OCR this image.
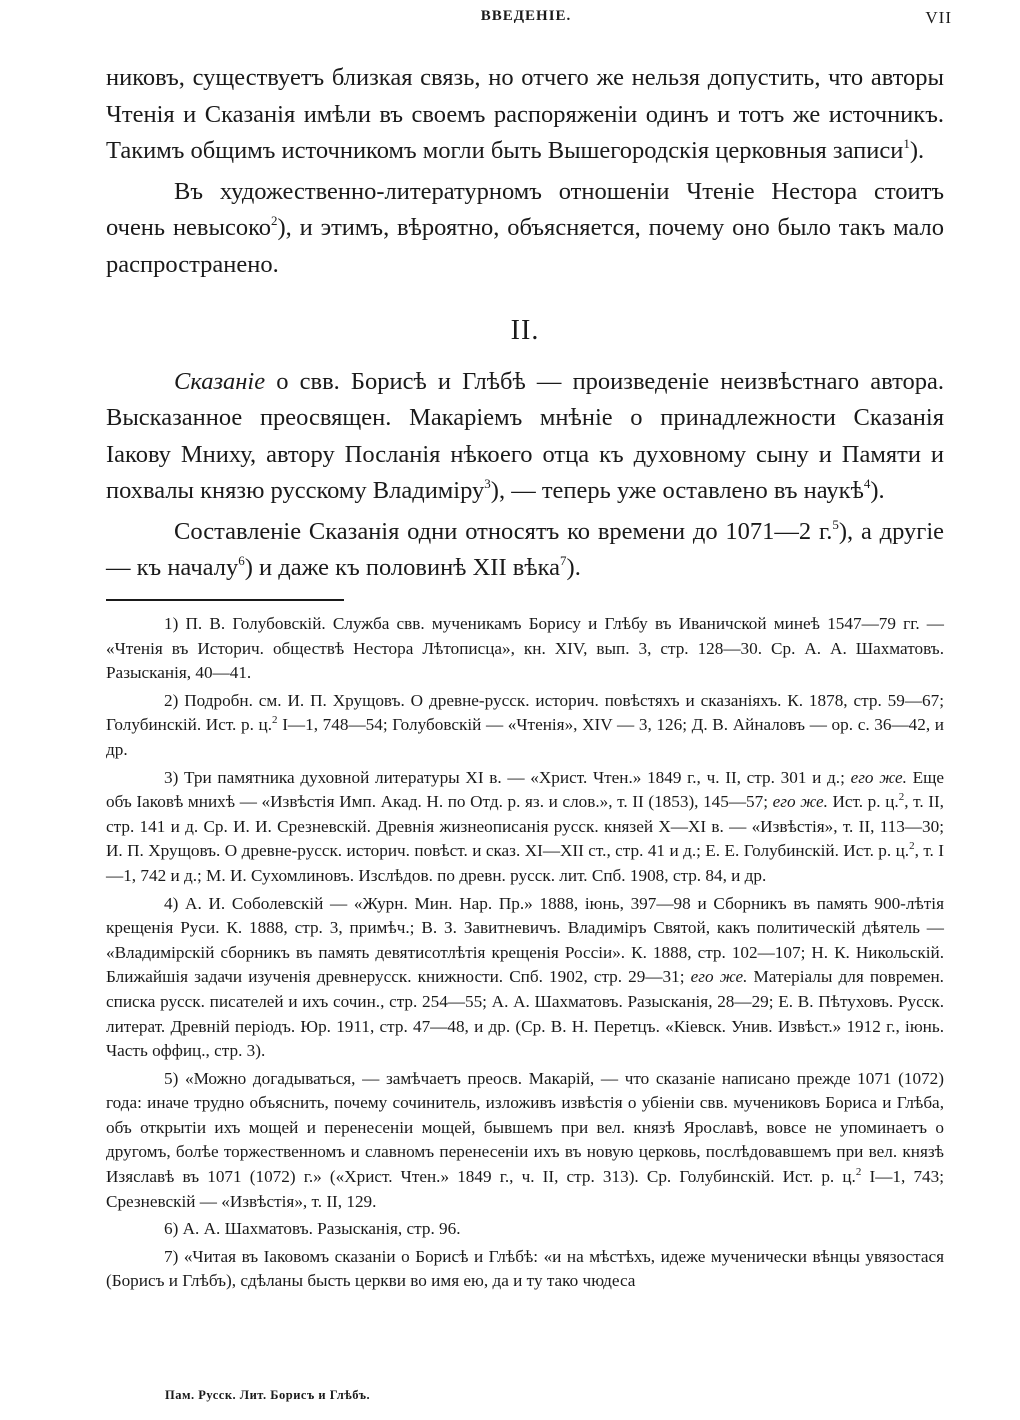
ВВЕДЕНІЕ.	VII

никовъ, существуетъ близкая связь, но отчего же нельзя допустить, что авторы Чтенія и Сказанія имѣли въ своемъ распоряженіи одинъ и тотъ же источникъ. Такимъ общимъ источникомъ могли быть Вышегородскія церковныя записи$^1$).

Въ художественно-литературномъ отношеніи Чтеніе Нестора стоитъ очень невысоко$^2$), и этимъ, вѣроятно, объясняется, почему оно было такъ мало распространено.

II.

Сказаніе о свв. Борисѣ и Глѣбѣ — произведеніе неизвѣстнаго автора. Высказанное преосвящен. Макаріемъ мнѣніе о принадлежности Сказанія Іакову Мниху, автору Посланія нѣкоего отца къ духовному сыну и Памяти и похвалы князю русскому Владиміру$^3$), — теперь уже оставлено въ наукѣ$^4$).

Составленіе Сказанія одни относятъ ко времени до 1071—2 г.$^5$), а другіе — къ началу$^6$) и даже къ половинѣ XII вѣка$^7$).

1) П. В. Голубовскій. Служба свв. мученикамъ Борису и Глѣбу въ Иваничской минеѣ 1547—79 гг. — «Чтенія въ Историч. обществѣ Нестора Лѣтописца», кн. XIV, вып. 3, стр. 128—30. Ср. А. А. Шахматовъ. Разысканія, 40—41.

2) Подробн. см. И. П. Хрущовъ. О древне-русск. историч. повѣстяхъ и сказаніяхъ. К. 1878, стр. 59—67; Голубинскій. Ист. р. ц.$^2$ I—1, 748—54; Голубовскій — «Чтенія», XIV — 3, 126; Д. В. Айналовъ — ор. с. 36—42, и др.

3) Три памятника духовной литературы XI в. — «Христ. Чтен.» 1849 г., ч. II, стр. 301 и д.; его же. Еще объ Іаковѣ мнихѣ — «Извѣстія Имп. Акад. Н. по Отд. р. яз. и слов.», т. II (1853), 145—57; его же. Ист. р. ц.$^2$, т. II, стр. 141 и д. Ср. И. И. Срезневскій. Древнія жизнеописанія русск. князей X—XI в. — «Извѣстія», т. II, 113—30; И. П. Хрущовъ. О древне-русск. историч. повѣст. и сказ. XI—XII ст., стр. 41 и д.; Е. Е. Голубинскій. Ист. р. ц.$^2$, т. I—1, 742 и д.; М. И. Сухомлиновъ. Изслѣдов. по древн. русск. лит. Спб. 1908, стр. 84, и др.

4) А. И. Соболевскій — «Журн. Мин. Нар. Пр.» 1888, іюнь, 397—98 и Сборникъ въ память 900-лѣтія крещенія Руси. К. 1888, стр. 3, примѣч.; В. З. Завитневичъ. Владиміръ Святой, какъ политическій дѣятель — «Владимірскій сборникъ въ память девятисотлѣтія крещенія Россіи». К. 1888, стр. 102—107; Н. К. Никольскій. Ближайшія задачи изученія древнерусск. книжности. Спб. 1902, стр. 29—31; его же. Матеріалы для повремен. списка русск. писателей и ихъ сочин., стр. 254—55; А. А. Шахматовъ. Разысканія, 28—29; Е. В. Пѣтуховъ. Русск. литерат. Древній періодъ. Юр. 1911, стр. 47—48, и др. (Ср. В. Н. Перетцъ. «Кіевск. Унив. Извѣст.» 1912 г., іюнь. Часть оффиц., стр. 3).

5) «Можно догадываться, — замѣчаетъ преосв. Макарій, — что сказаніе написано прежде 1071 (1072) года: иначе трудно объяснить, почему сочинитель, изложивъ извѣстія о убіеніи свв. мучениковъ Бориса и Глѣба, объ открытіи ихъ мощей и перенесеніи мощей, бывшемъ при вел. князѣ Ярославѣ, вовсе не упоминаетъ о другомъ, болѣе торжественномъ и славномъ перенесеніи ихъ въ новую церковь, послѣдовавшемъ при вел. князѣ Изяславѣ въ 1071 (1072) г.» («Христ. Чтен.» 1849 г., ч. II, стр. 313). Ср. Голубинскій. Ист. р. ц.$^2$ I—1, 743; Срезневскій — «Извѣстія», т. II, 129.

6) А. А. Шахматовъ. Разысканія, стр. 96.

7) «Читая въ Іаковомъ сказаніи о Борисѣ и Глѣбѣ: «и на мѣстѣхъ, идеже мученически вѣнцы увязостася (Борисъ и Глѣбъ), сдѣланы бысть церкви во имя ею, да и ту тако чюдеса

Пам. Русск. Лит. Борисъ и Глѣбъ.
